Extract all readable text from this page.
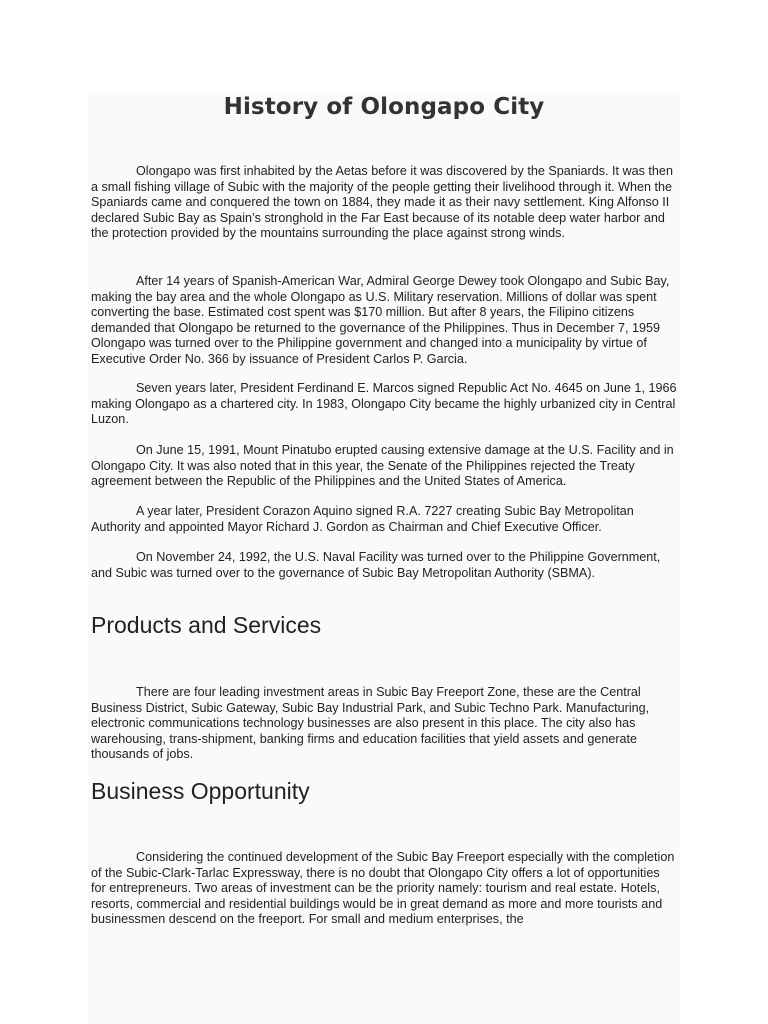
History of Olongapo City

Olongapo was first inhabited by the Aetas before it was discovered by the Spaniards. It was then a small fishing village of Subic with the majority of the people getting their livelihood through it. When the Spaniards came and conquered the town on 1884, they made it as their navy settlement. King Alfonso II declared Subic Bay as Spain’s stronghold in the Far East because of its notable deep water harbor and the protection provided by the mountains surrounding the place against strong winds.

After 14 years of Spanish-American War, Admiral George Dewey took Olongapo and Subic Bay, making the bay area and the whole Olongapo as U.S. Military reservation. Millions of dollar was spent converting the base. Estimated cost spent was $170 million. But after 8 years, the Filipino citizens demanded that Olongapo be returned to the governance of the Philippines. Thus in December 7, 1959 Olongapo was turned over to the Philippine government and changed into a municipality by virtue of Executive Order No. 366 by issuance of President Carlos P. Garcia.

Seven years later, President Ferdinand E. Marcos signed Republic Act No. 4645 on June 1, 1966 making Olongapo as a chartered city. In 1983, Olongapo City became the highly urbanized city in Central Luzon.

On June 15, 1991, Mount Pinatubo erupted causing extensive damage at the U.S. Facility and in Olongapo City. It was also noted that in this year, the Senate of the Philippines rejected the Treaty agreement between the Republic of the Philippines and the United States of America.

A year later, President Corazon Aquino signed R.A. 7227 creating Subic Bay Metropolitan Authority and appointed Mayor Richard J. Gordon as Chairman and Chief Executive Officer.

On November 24, 1992, the U.S. Naval Facility was turned over to the Philippine Government, and Subic was turned over to the governance of Subic Bay Metropolitan Authority (SBMA).

Products and Services

There are four leading investment areas in Subic Bay Freeport Zone, these are the Central Business District, Subic Gateway, Subic Bay Industrial Park, and Subic Techno Park. Manufacturing, electronic communications technology businesses are also present in this place. The city also has warehousing, trans-shipment, banking firms and education facilities that yield assets and generate thousands of jobs.

Business Opportunity

Considering the continued development of the Subic Bay Freeport especially with the completion of the Subic-Clark-Tarlac Expressway, there is no doubt that Olongapo City offers a lot of opportunities for entrepreneurs. Two areas of investment can be the priority namely: tourism and real estate. Hotels, resorts, commercial and residential buildings would be in great demand as more and more tourists and businessmen descend on the freeport. For small and medium enterprises, the
